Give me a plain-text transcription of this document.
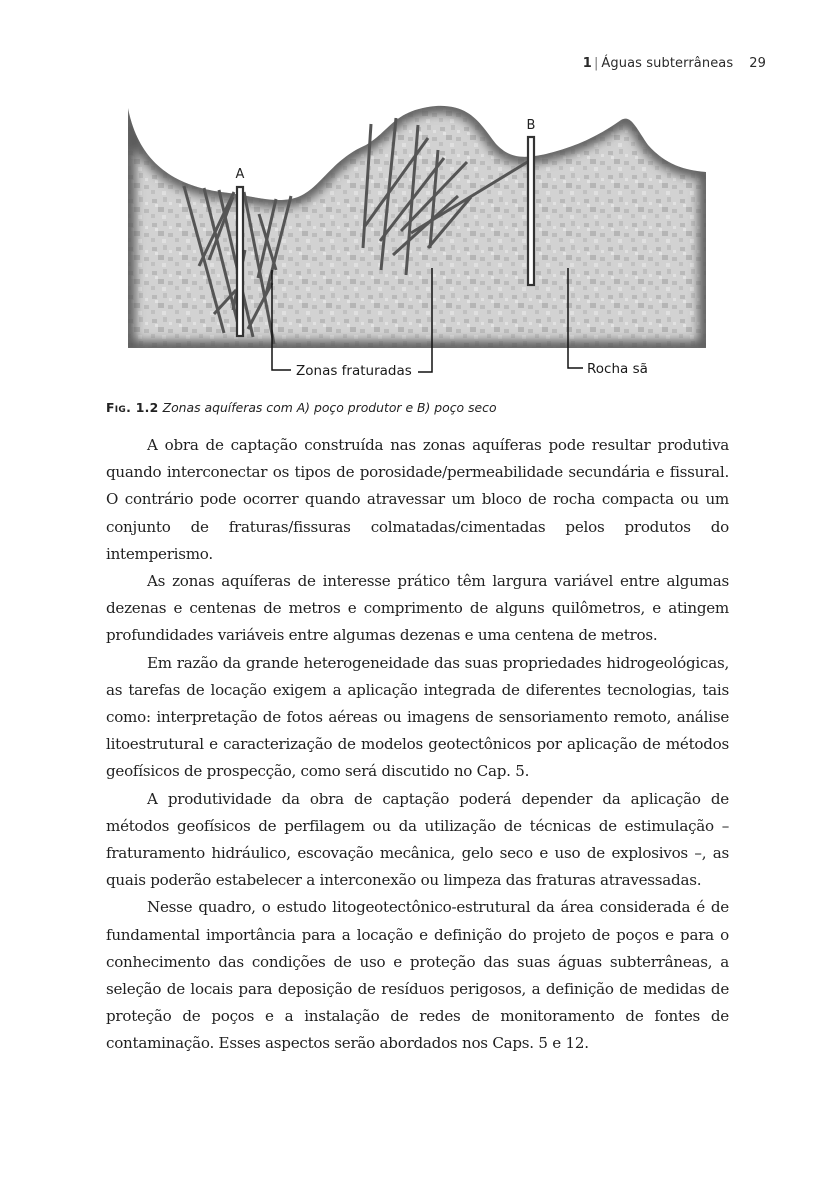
1 | Águas subterrâneas 29
A
B
Zonas fraturadas	Rocha sã
Fig. 1.2 Zonas aquíferas com A) poço produtor e B) poço seco

A obra de captação construída nas zonas aquíferas pode resultar produtiva quando interconectar os tipos de porosidade/permeabilidade secundária e fissural. O contrário pode ocorrer quando atravessar um bloco de rocha compacta ou um conjunto de fraturas/fissuras colmatadas/cimentadas pelos produtos do intemperismo.

As zonas aquíferas de interesse prático têm largura variável entre algumas dezenas e centenas de metros e comprimento de alguns quilômetros, e atingem profundidades variáveis entre algumas dezenas e uma centena de metros.

Em razão da grande heterogeneidade das suas propriedades hidrogeológicas, as tarefas de locação exigem a aplicação integrada de diferentes tecnologias, tais como: interpretação de fotos aéreas ou imagens de sensoriamento remoto, análise litoestrutural e caracterização de modelos geotectônicos por aplicação de métodos geofísicos de prospecção, como será discutido no Cap. 5.

A produtividade da obra de captação poderá depender da aplicação de métodos geofísicos de perfilagem ou da utilização de técnicas de estimulação – fraturamento hidráulico, escovação mecânica, gelo seco e uso de explosivos –, as quais poderão estabelecer a interconexão ou limpeza das fraturas atravessadas.

Nesse quadro, o estudo litogeotectônico-estrutural da área considerada é de fundamental importância para a locação e definição do projeto de poços e para o conhecimento das condições de uso e proteção das suas águas subterrâneas, a seleção de locais para deposição de resíduos perigosos, a definição de medidas de proteção de poços e a instalação de redes de monitoramento de fontes de contaminação. Esses aspectos serão abordados nos Caps. 5 e 12.
